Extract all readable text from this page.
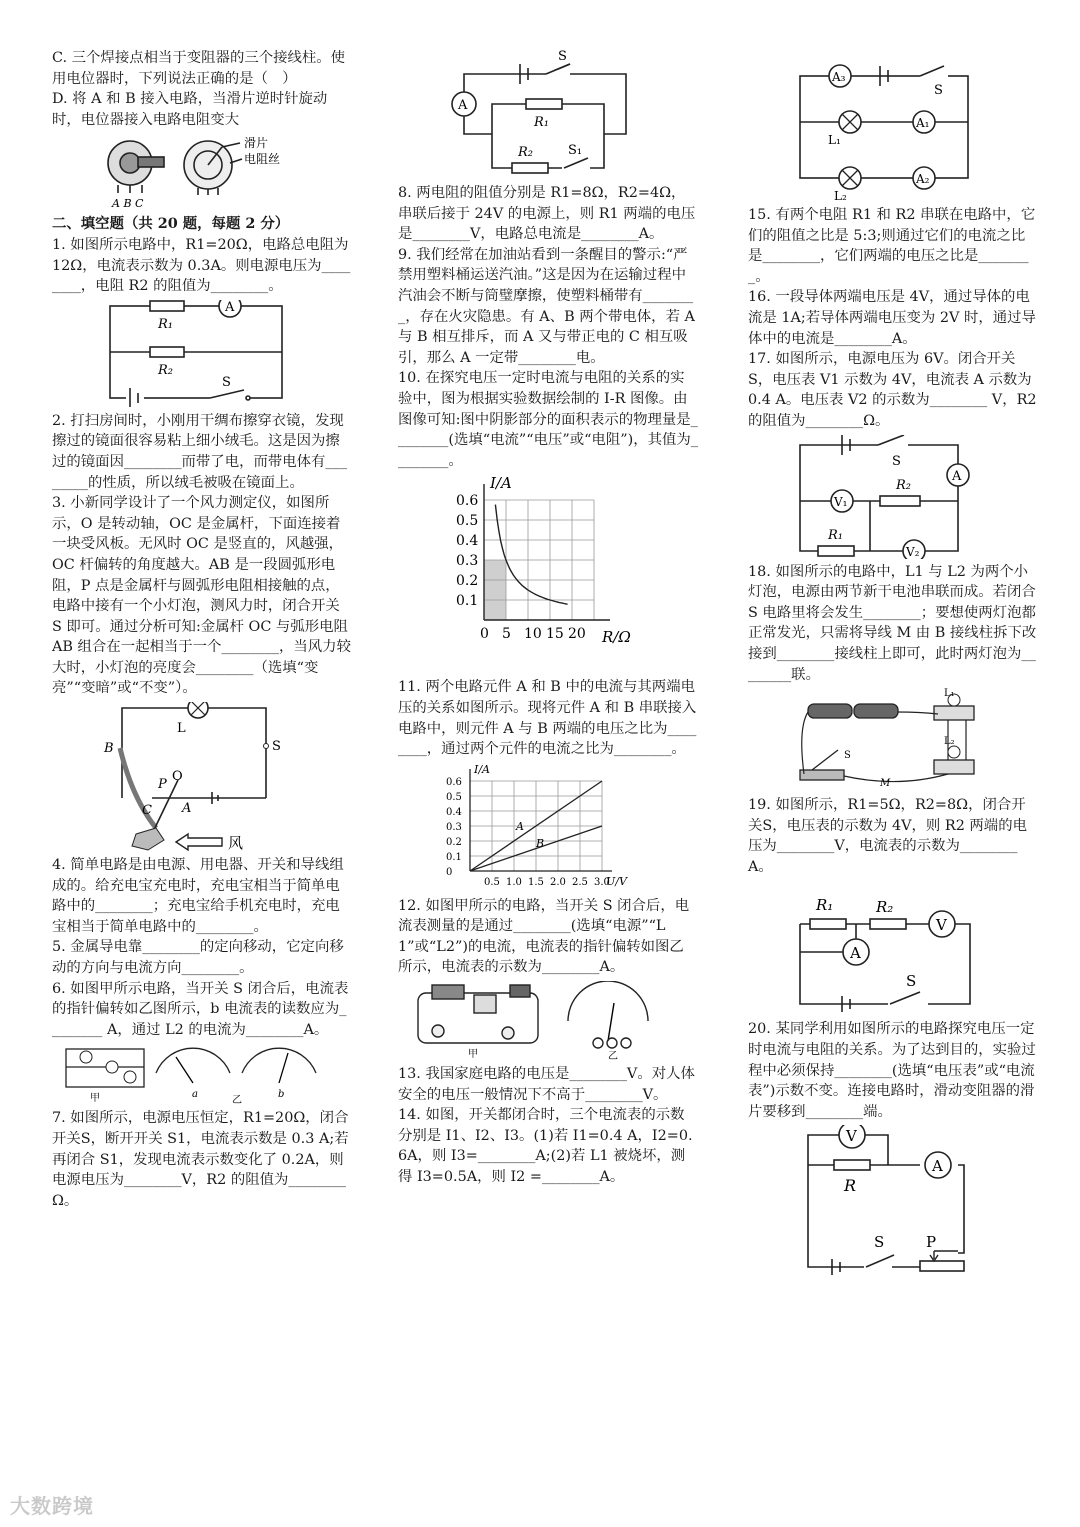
C. 三个焊接点相当于变阻器的三个接线柱。使用电位器时，下列说法正确的是（　）

D. 将 A 和 B 接入电路，当滑片逆时针旋动时，电位器接入电路电阻变大

滑片
电阻丝
A B C

二、填空题（共 20 题，每题 2 分）

1. 如图所示电路中，R1=20Ω，电路总电阻为 12Ω，电流表示数为 0.3A。则电源电压为________，电阻 R2 的阻值为________。

A
R₁
R₂
S

2. 打扫房间时，小刚用干绸布擦穿衣镜，发现擦过的镜面很容易粘上细小绒毛。这是因为擦过的镜面因________而带了电，而带电体有________的性质，所以绒毛被吸在镜面上。

3. 小新同学设计了一个风力测定仪，如图所示，O 是转动轴，OC 是金属杆，下面连接着一块受风板。无风时 OC 是竖直的，风越强，OC 杆偏转的角度越大。AB 是一段圆弧形电阻，P 点是金属杆与圆弧形电阻相接触的点，电路中接有一个小灯泡，测风力时，闭合开关 S 即可。通过分析可知:金属杆 OC 与弧形电阻 AB 组合在一起相当于一个________，当风力较大时，小灯泡的亮度会________（选填“变亮”“变暗”或“不变”）。

L
S
B
P
O
C A
风

4. 简单电路是由电源、用电器、开关和导线组成的。给充电宝充电时，充电宝相当于简单电路中的________；充电宝给手机充电时，充电宝相当于简单电路中的________。

5. 金属导电靠________的定向移动，它定向移动的方向与电流方向________。

6. 如图甲所示电路，当开关 S 闭合后，电流表的指针偏转如乙图所示，b 电流表的读数应为________ A，通过 L2 的电流为________A。

甲	a	b
乙

7. 如图所示，电源电压恒定，R1=20Ω，闭合开关S，断开开关 S1，电流表示数是 0.3 A;若再闭合 S1，发现电流表示数变化了 0.2A，则电源电压为________V，R2 的阻值为________Ω。

S
A
R₁
R₂	S₁

8. 两电阻的阻值分别是 R1=8Ω，R2=4Ω，串联后接于 24V 的电源上，则 R1 两端的电压是________V，电路总电流是________A。

9. 我们经常在加油站看到一条醒目的警示:“严禁用塑料桶运送汽油。”这是因为在运输过程中汽油会不断与筒璧摩擦，使塑料桶带有________，存在火灾隐患。有 A、B 两个带电体，若 A 与 B 相互排斥，而 A 又与带正电的 C 相互吸引，那么 A 一定带________电。

10. 在探究电压一定时电流与电阻的关系的实验中，图为根据实验数据绘制的 I-R 图像。由图像可知:图中阴影部分的面积表示的物理量是________(选填“电流”“电压”或“电阻”)，其值为________。

0.6
0.5
0.4
0.3
0.2
0.1
0 5 10 15 20
I/A
R/Ω

11. 两个电路元件 A 和 B 中的电流与其两端电压的关系如图所示。现将元件 A 和 B 串联接入电路中，则元件 A 与 B 两端的电压之比为________，通过两个元件的电流之比为________。

0.6
0.5
0.4
0.3
0.2
0.1
0
0.5 1.0 1.5 2.0 2.5 3.0
I/A
U/V
A
B

12. 如图甲所示的电路，当开关 S 闭合后，电流表测量的是通过________(选填“电源”“L1”或“L2”)的电流，电流表的指针偏转如图乙所示，电流表的示数为________A。

甲	乙

13. 我国家庭电路的电压是________V。对人体安全的电压一般情况下不高于________V。

14. 如图，开关都闭合时，三个电流表的示数分别是 I1、I2、I3。(1)若 I1=0.4 A，I2=0.6A，则 I3=________A;(2)若 L1 被烧坏，测得 I3=0.5A，则 I2 =________A。

S
A₃
L₁
A₁
L₂
A₂

15. 有两个电阻 R1 和 R2 串联在电路中，它们的阻值之比是 5:3;则通过它们的电流之比是________，它们两端的电压之比是________。

16. 一段导体两端电压是 4V，通过导体的电流是 1A;若导体两端电压变为 2V 时，通过导体中的电流是________A。

17. 如图所示，电源电压为 6V。闭合开关 S，电压表 V1 示数为 4V，电流表 A 示数为 0.4 A。电压表 V2 的示数为________ V，R2 的阻值为________Ω。

S
R₂
A
V₁
R₁
V₂

18. 如图所示的电路中，L1 与 L2 为两个小灯泡，电源由两节新干电池串联而成。若闭合 S 电路里将会发生________；要想使两灯泡都正常发光，只需将导线 M 由 B 接线柱拆下改接到________接线柱上即可，此时两灯泡为________联。

L₁
L₂
S
M

19. 如图所示，R1=5Ω，R2=8Ω，闭合开关S，电压表的示数为 4V，则 R2 两端的电压为________V，电流表的示数为________A。

R₁	R₂
V
A
S

20. 某同学利用如图所示的电路探究电压一定时电流与电阻的关系。为了达到目的，实验过程中必须保持________(选填“电压表”或“电流表”)示数不变。连接电路时，滑动变阻器的滑片要移到________端。

V
R
A
S	P
大数跨境
